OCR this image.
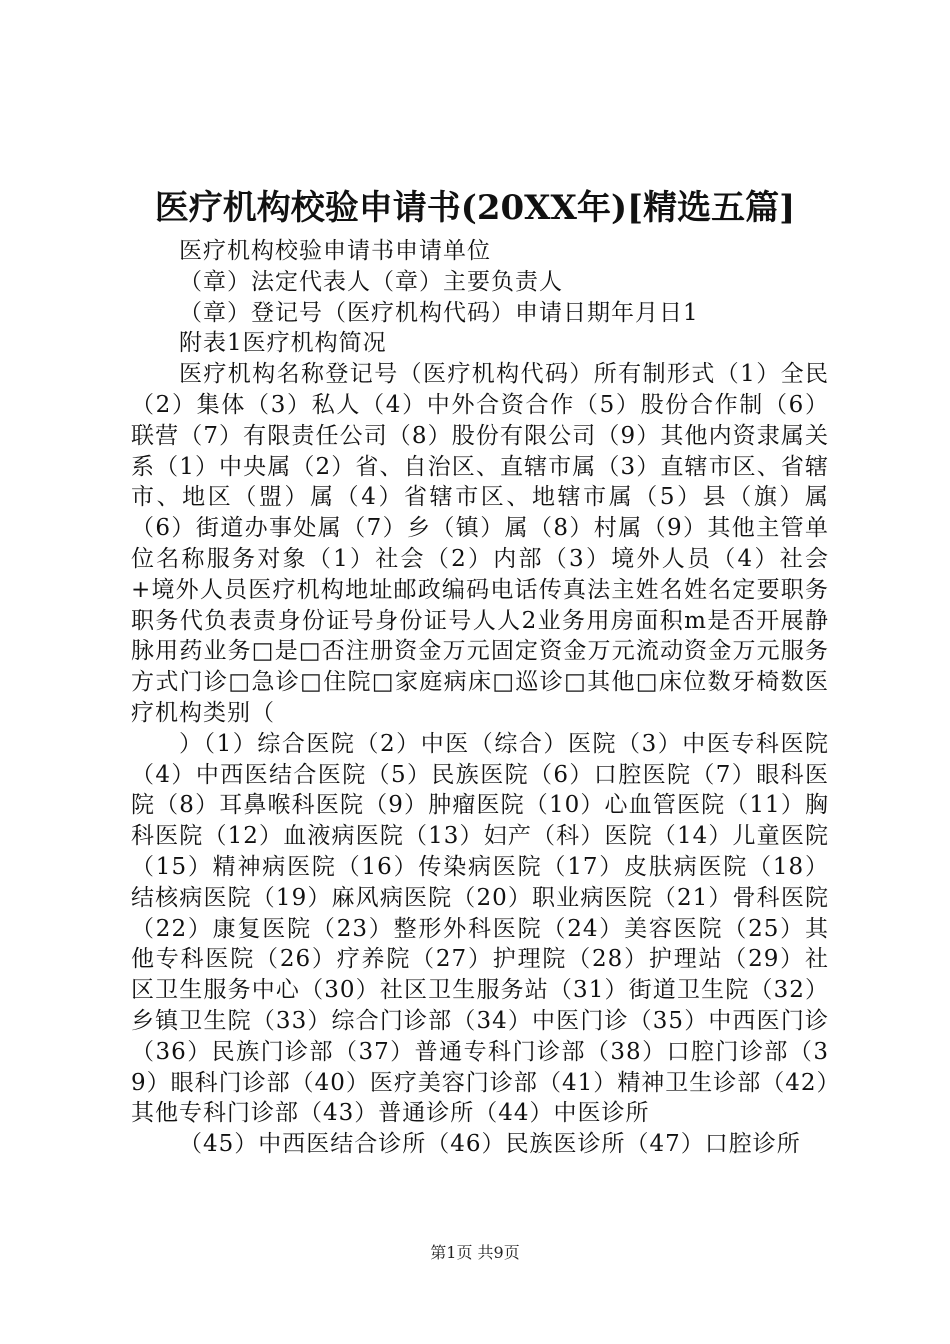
医疗机构校验申请书(20XX年)[精选五篇]

医疗机构校验申请书申请单位

（章）法定代表人（章）主要负责人

（章）登记号（医疗机构代码）申请日期年月日1

附表1医疗机构简况

医疗机构名称登记号（医疗机构代码）所有制形式（1）全民（2）集体（3）私人（4）中外合资合作（5）股份合作制（6）联营（7）有限责任公司（8）股份有限公司（9）其他内资隶属关系（1）中央属（2）省、自治区、直辖市属（3）直辖市区、省辖市、地区（盟）属（4）省辖市区、地辖市属（5）县（旗）属（6）街道办事处属（7）乡（镇）属（8）村属（9）其他主管单位名称服务对象（1）社会（2）内部（3）境外人员（4）社会+境外人员医疗机构地址邮政编码电话传真法主姓名姓名定要职务职务代负表责身份证号身份证号人人2业务用房面积m是否开展静脉用药业务□是□否注册资金万元固定资金万元流动资金万元服务方式门诊□急诊□住院□家庭病床□巡诊□其他□床位数牙椅数医疗机构类别（

）（1）综合医院（2）中医（综合）医院（3）中医专科医院（4）中西医结合医院（5）民族医院（6）口腔医院（7）眼科医院（8）耳鼻喉科医院（9）肿瘤医院（10）心血管医院（11）胸科医院（12）血液病医院（13）妇产（科）医院（14）儿童医院（15）精神病医院（16）传染病医院（17）皮肤病医院（18）结核病医院（19）麻风病医院（20）职业病医院（21）骨科医院（22）康复医院（23）整形外科医院（24）美容医院（25）其他专科医院（26）疗养院（27）护理院（28）护理站（29）社区卫生服务中心（30）社区卫生服务站（31）街道卫生院（32）乡镇卫生院（33）综合门诊部（34）中医门诊（35）中西医门诊（36）民族门诊部（37）普通专科门诊部（38）口腔门诊部（39）眼科门诊部（40）医疗美容门诊部（41）精神卫生诊部（42）其他专科门诊部（43）普通诊所（44）中医诊所

（45）中西医结合诊所（46）民族医诊所（47）口腔诊所

第1页 共9页
